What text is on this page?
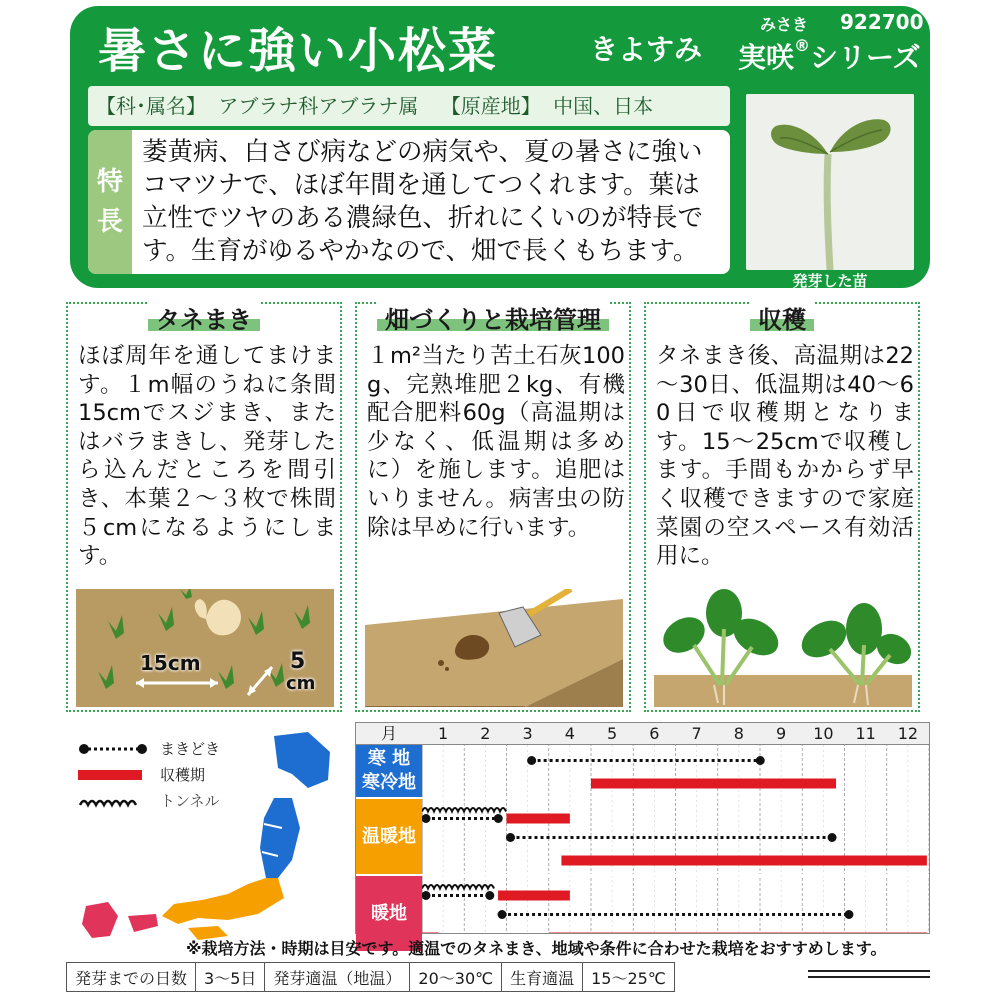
暑さに強い小松菜	きよすみ
みさき 922700
実咲®シリーズ
【科･属名】 アブラナ科アブラナ属 【原産地】 中国、日本
特
長
萎黄病、白さび病などの病気や、夏の暑さに強いコマツナで、ほぼ年間を通してつくれます。葉は立性でツヤのある濃緑色、折れにくいのが特長です。生育がゆるやかなので、畑で長くもちます。
発芽した苗
タネまき
ほぼ周年を通してまけます。１m幅のうねに条間15cmでスジまき、またはバラまきし、発芽したら込んだところを間引き、本葉２～３枚で株間５cmになるようにします。
15cm	5
cm
畑づくりと栽培管理
１m²当たり苦土石灰100g、完熟堆肥２kg、有機配合肥料60g（高温期は少なく、低温期は多めに）を施します。追肥はいりません。病害虫の防除は早めに行います。
収穫
タネまき後、高温期は22～30日、低温期は40～60日で収穫期となります。15～25cmで収穫します。手間もかからず早く収穫できますので家庭菜園の空スペース有効活用に。
まきどき
収穫期
トンネル
月	1	2	3	4	5	6	7	8	9	10	11	12
寒 地
寒冷地
温暖地
暖地
※栽培方法・時期は目安です。適温でのタネまき、地域や条件に合わせた栽培をおすすめします。
発芽までの日数	3～5日	発芽適温（地温）	20～30℃	生育適温	15～25℃
